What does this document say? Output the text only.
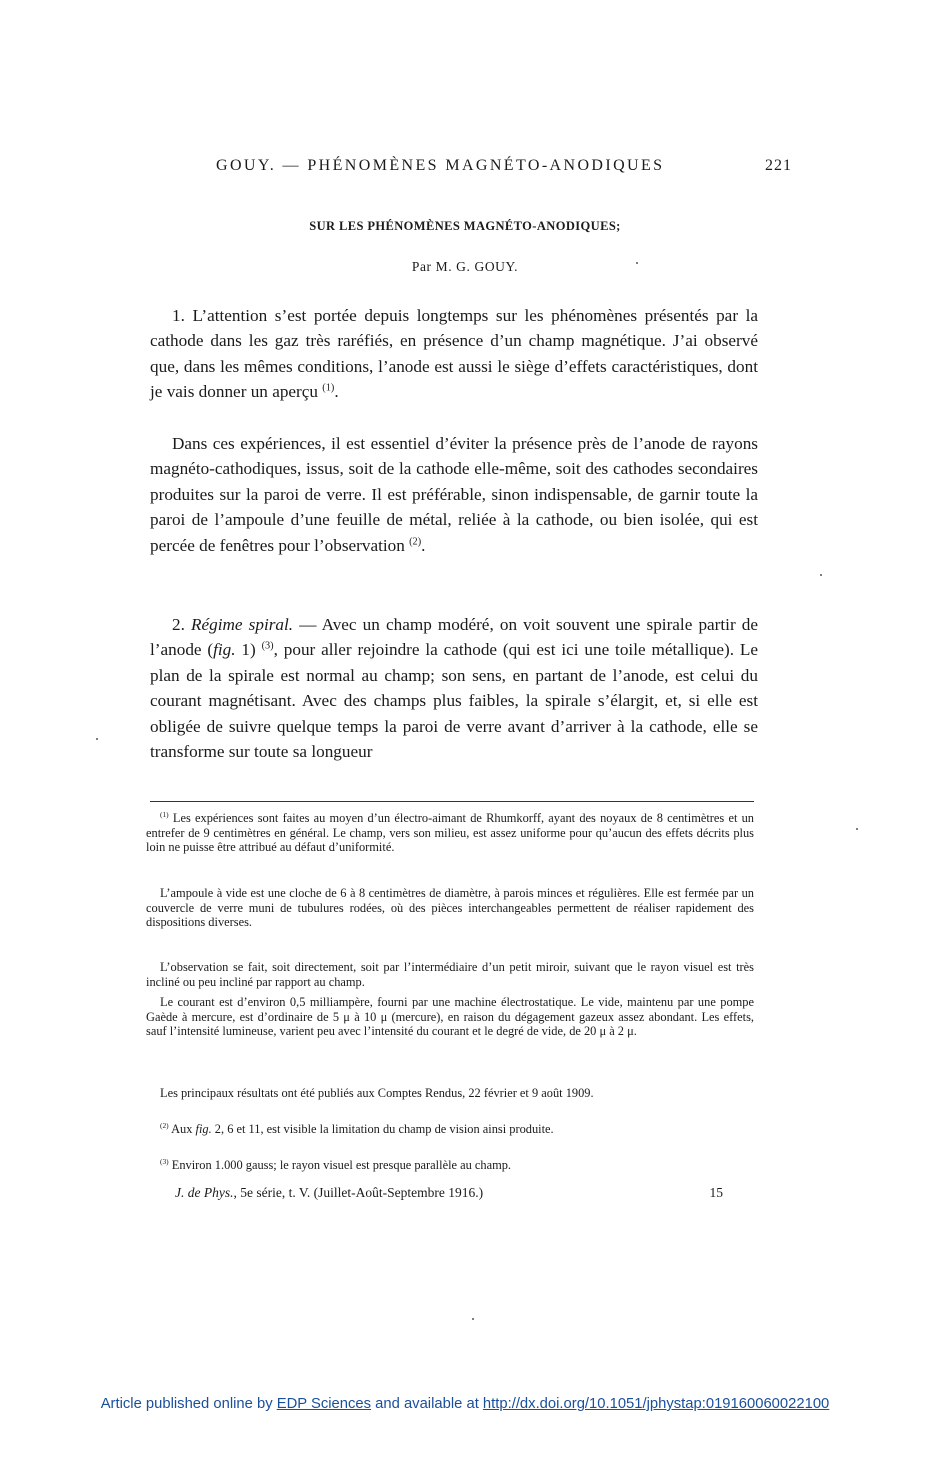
GOUY. — PHÉNOMÈNES MAGNÉTO-ANODIQUES	221
SUR LES PHÉNOMÈNES MAGNÉTO-ANODIQUES;
Par M. G. GOUY.

1. L’attention s’est portée depuis longtemps sur les phénomènes présentés par la cathode dans les gaz très raréfiés, en présence d’un champ magnétique. J’ai observé que, dans les mêmes conditions, l’anode est aussi le siège d’effets caractéristiques, dont je vais donner un aperçu $^{(1)}$.

Dans ces expériences, il est essentiel d’éviter la présence près de l’anode de rayons magnéto-cathodiques, issus, soit de la cathode elle-même, soit des cathodes secondaires produites sur la paroi de verre. Il est préférable, sinon indispensable, de garnir toute la paroi de l’ampoule d’une feuille de métal, reliée à la cathode, ou bien isolée, qui est percée de fenêtres pour l’observation $^{(2)}$.

2. Régime spiral. — Avec un champ modéré, on voit souvent une spirale partir de l’anode (fig. 1) $^{(3)}$, pour aller rejoindre la cathode (qui est ici une toile métallique). Le plan de la spirale est normal au champ; son sens, en partant de l’anode, est celui du courant magnétisant. Avec des champs plus faibles, la spirale s’élargit, et, si elle est obligée de suivre quelque temps la paroi de verre avant d’arriver à la cathode, elle se transforme sur toute sa longueur

$^{(1)}$ Les expériences sont faites au moyen d’un électro-aimant de Rhumkorff, ayant des noyaux de 8 centimètres et un entrefer de 9 centimètres en général. Le champ, vers son milieu, est assez uniforme pour qu’aucun des effets décrits plus loin ne puisse être attribué au défaut d’uniformité.

L’ampoule à vide est une cloche de 6 à 8 centimètres de diamètre, à parois minces et régulières. Elle est fermée par un couvercle de verre muni de tubulures rodées, où des pièces interchangeables permettent de réaliser rapidement des dispositions diverses.

L’observation se fait, soit directement, soit par l’intermédiaire d’un petit miroir, suivant que le rayon visuel est très incliné ou peu incliné par rapport au champ.

Le courant est d’environ 0,5 milliampère, fourni par une machine électrostatique. Le vide, maintenu par une pompe Gaède à mercure, est d’ordinaire de 5 μ à 10 μ (mercure), en raison du dégagement gazeux assez abondant. Les effets, sauf l’intensité lumineuse, varient peu avec l’intensité du courant et le degré de vide, de 20 μ à 2 μ.

Les principaux résultats ont été publiés aux Comptes Rendus, 22 février et 9 août 1909.

$^{(2)}$ Aux fig. 2, 6 et 11, est visible la limitation du champ de vision ainsi produite.

$^{(3)}$ Environ 1.000 gauss; le rayon visuel est presque parallèle au champ.

J. de Phys., 5e série, t. V. (Juillet-Août-Septembre 1916.)	15
Article published online by EDP Sciences and available at http://dx.doi.org/10.1051/jphystap:019160060022100
